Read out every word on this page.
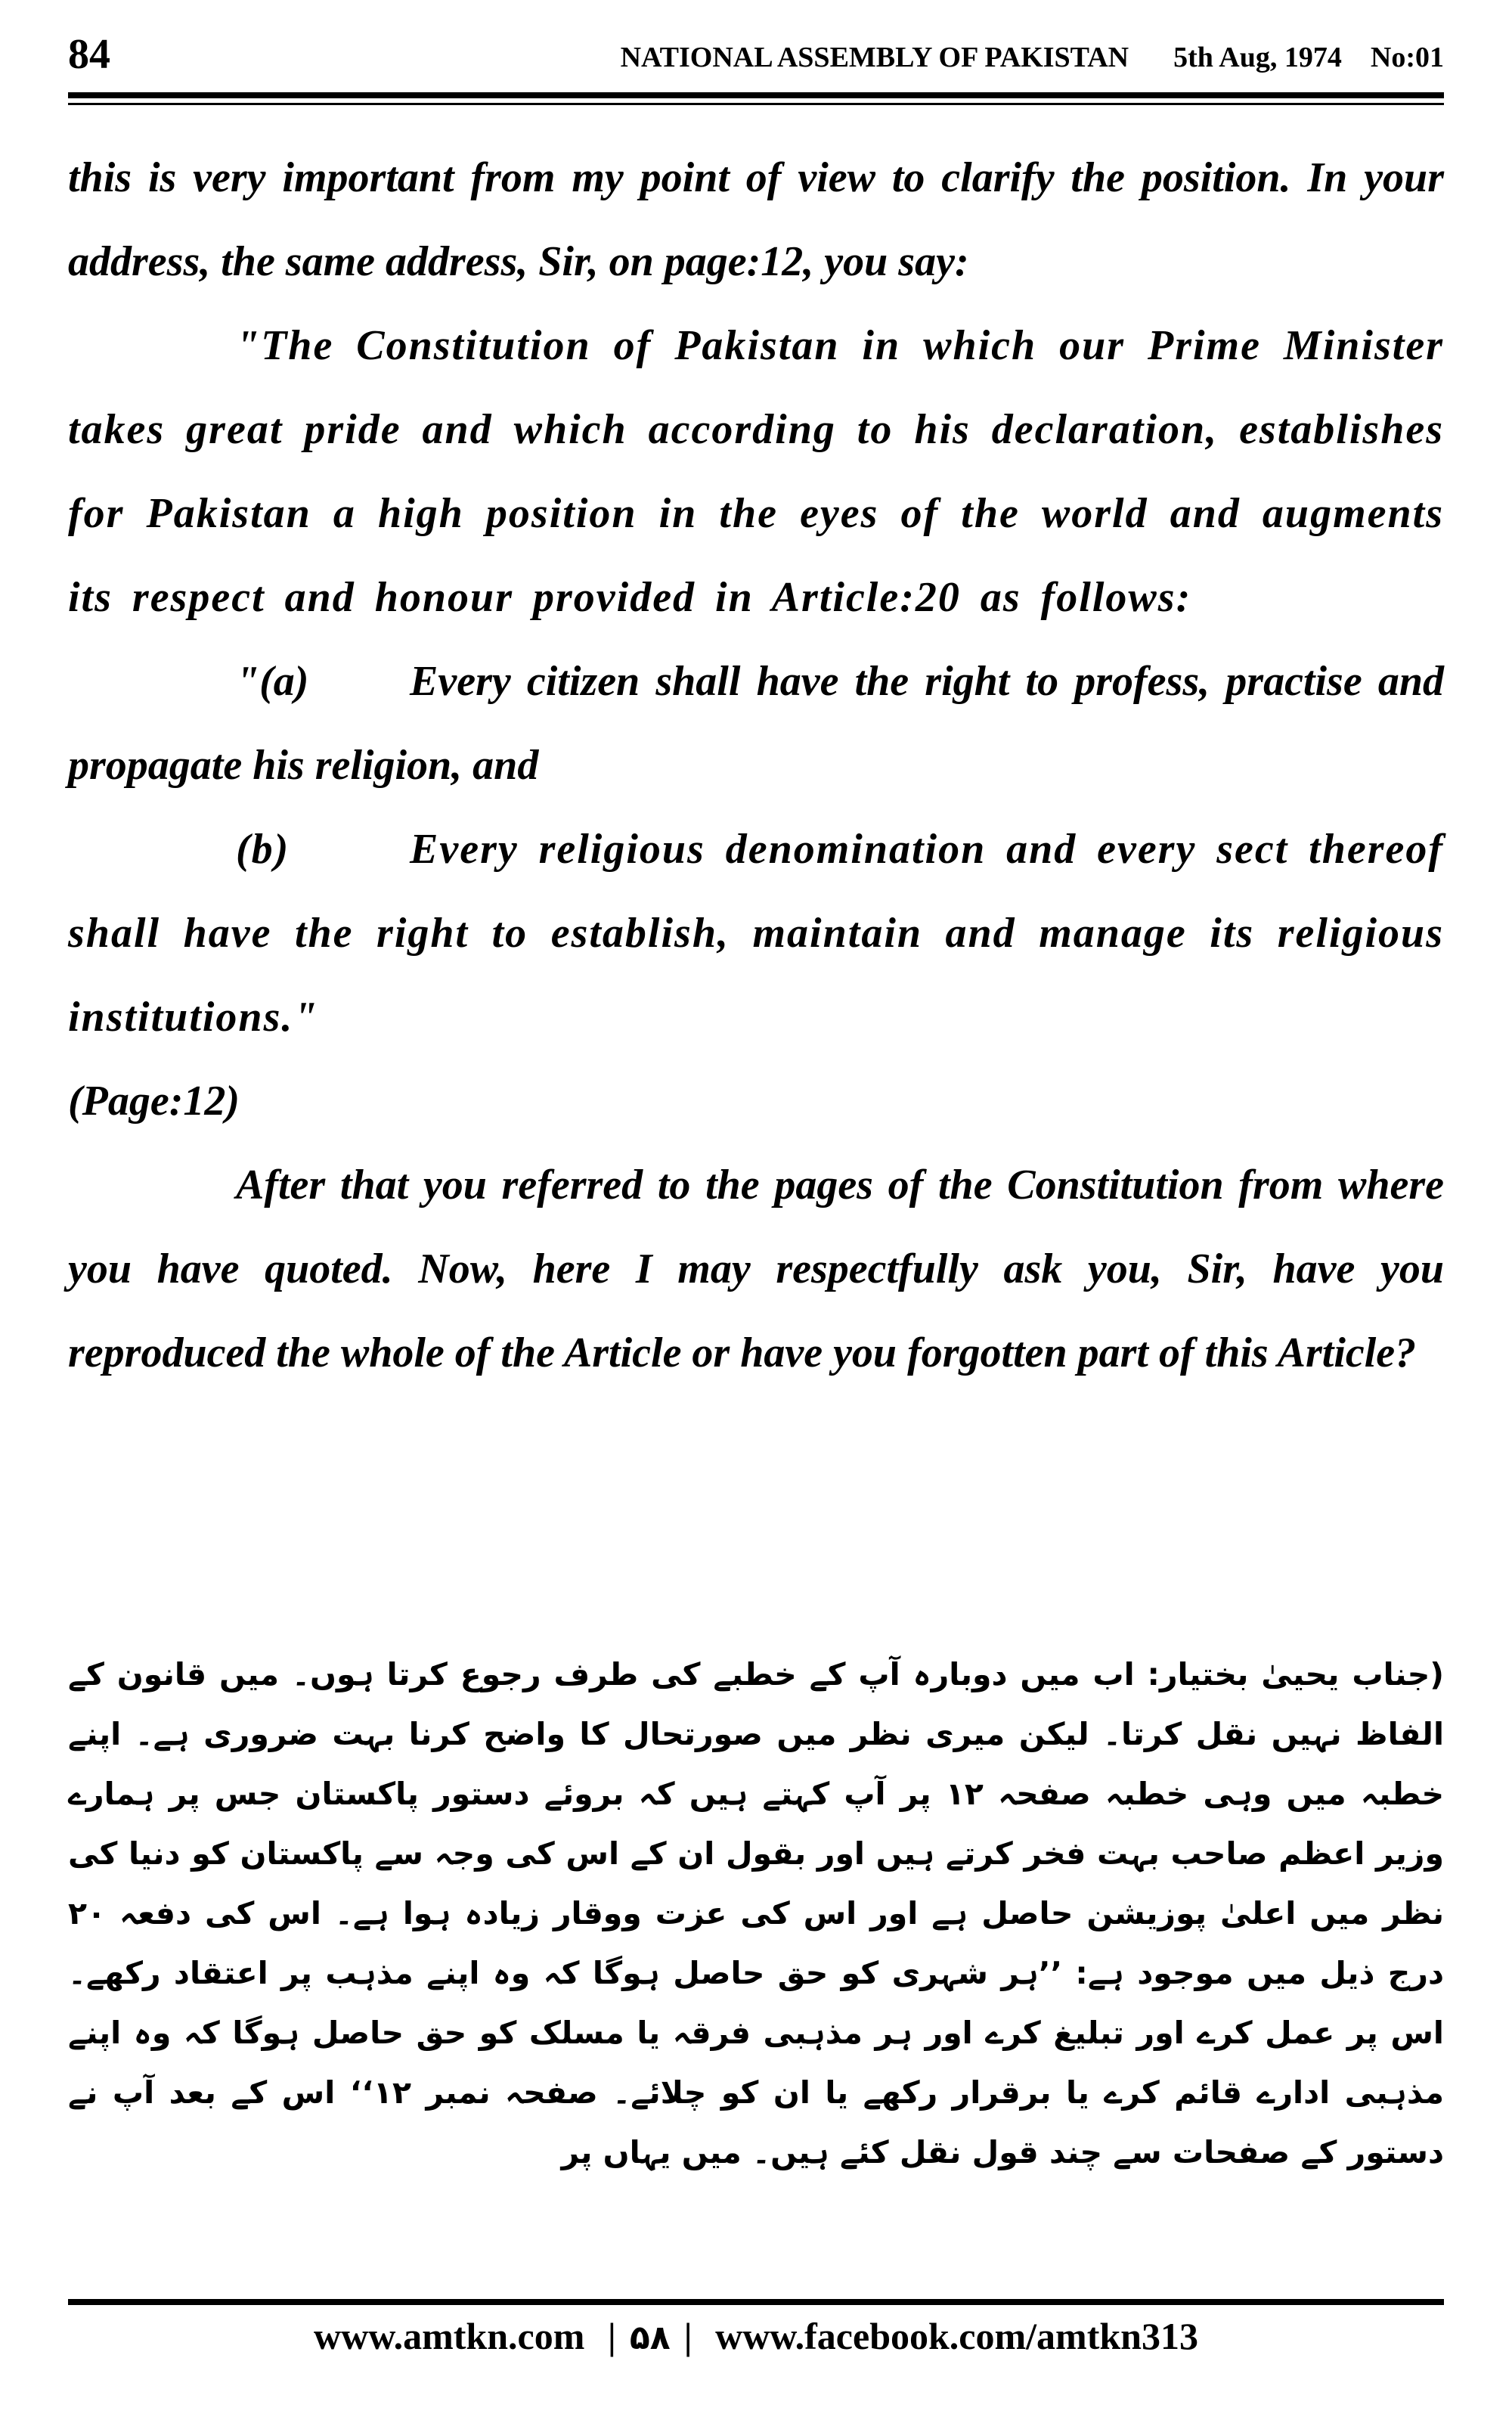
84	NATIONAL ASSEMBLY OF PAKISTAN 5th Aug, 1974 No:01

this is very important from my point of view to clarify the position. In your address, the same address, Sir, on page:12, you say:

"The Constitution of Pakistan in which our Prime Minister takes great pride and which according to his declaration, establishes for Pakistan a high position in the eyes of the world and augments its respect and honour provided in Article:20 as follows:

"(a) Every citizen shall have the right to profess, practise and propagate his religion, and

(b)	Every religious denomination and every sect thereof shall have the right to establish, maintain and manage its religious institutions."

(Page:12)

After that you referred to the pages of the Constitution from where you have quoted. Now, here I may respectfully ask you, Sir, have you reproduced the whole of the Article or have you forgotten part of this Article?

(جناب یحییٰ بختیار: اب میں دوبارہ آپ کے خطبے کی طرف رجوع کرتا ہوں۔ میں قانون کے الفاظ نہیں نقل کرتا۔ لیکن میری نظر میں صورتحال کا واضح کرنا بہت ضروری ہے۔ اپنے خطبہ میں وہی خطبہ صفحہ ۱۲ پر آپ کہتے ہیں کہ بروئے دستور پاکستان جس پر ہمارے وزیر اعظم صاحب بہت فخر کرتے ہیں اور بقول ان کے اس کی وجہ سے پاکستان کو دنیا کی نظر میں اعلیٰ پوزیشن حاصل ہے اور اس کی عزت ووقار زیادہ ہوا ہے۔ اس کی دفعہ ۲۰ درج ذیل میں موجود ہے: ’’ہر شہری کو حق حاصل ہوگا کہ وہ اپنے مذہب پر اعتقاد رکھے۔ اس پر عمل کرے اور تبلیغ کرے اور ہر مذہبی فرقہ یا مسلک کو حق حاصل ہوگا کہ وہ اپنے مذہبی ادارے قائم کرے یا برقرار رکھے یا ان کو چلائے۔ صفحہ نمبر ۱۲‘‘ اس کے بعد آپ نے دستور کے صفحات سے چند قول نقل کئے ہیں۔ میں یہاں پر

www.amtkn.com | ۵۸ | www.facebook.com/amtkn313
